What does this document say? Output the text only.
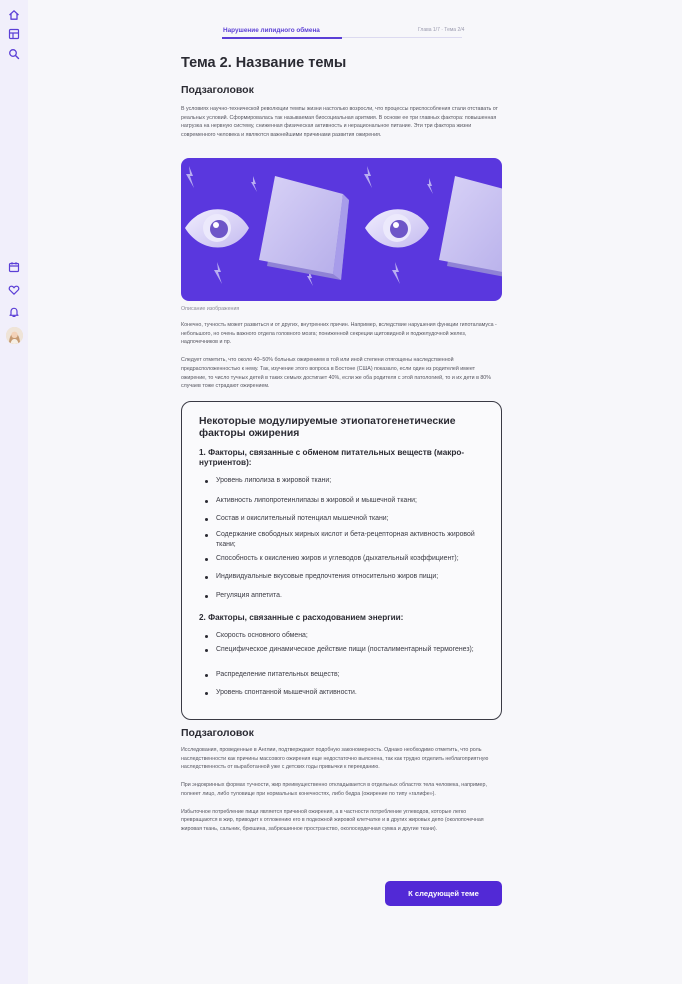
Нарушение липидного обмена	Глава 1/7 · Тема 2/4
Тема 2. Название темы
Подзаголовок

В условиях научно-технической революции темпы жизни настолько возросли, что процессы приспособления стали отставать от реальных условий. Сформировалась так называемая биосоциальная аритмия. В основе ее три главных фактора: повышенная нагрузка на нервную систему, сниженная физическая активность и нерациональное питание. Эти три фактора жизни современного человека и являются важнейшими причинами развития ожирения.

Описание изображения

Конечно, тучность может развиться и от других, внутренних причин. Например, вследствие нарушения функции гипоталамуса - небольшого, но очень важного отдела головного мозга; пониженной секреции щитовидной и поджелудочной желез, надпочечников и пр.

Следует отметить, что около 40–50% больных ожирением в той или иной степени отягощены наследственной предрасположенностью к нему. Так, изучение этого вопроса в Бостоне (США) показало, если один из родителей имеет ожирение, то число тучных детей в таких семьях достигает 40%, если же оба родителя с этой патологией, то и их дети в 80% случаев тоже страдают ожирением.

Некоторые модулируемые этиопатогенетические факторы ожирения
1. Факторы, связанные с обменом питательных веществ (макро-нутриентов):
Уровень липолиза в жировой ткани;
Активность липопротеинлипазы в жировой и мышечной ткани;
Состав и окислительный потенциал мышечной ткани;
Содержание свободных жирных кислот и бета-рецепторная активность жировой ткани;
Способность к окислению жиров и углеводов (дыхательный коэффициент);
Индивидуальные вкусовые предпочтения относительно жиров пищи;
Регуляция аппетита.
2. Факторы, связанные с расходованием энергии:
Скорость основного обмена;
Специфическое динамическое действие пищи (посталиментарный термогенез);
Распределение питательных веществ;
Уровень спонтанной мышечной активности.
Подзаголовок

Исследования, проведенные в Англии, подтверждают подобную закономерность. Однако необходимо отметить, что роль наследственности как причины массового ожирения еще недостаточно выяснена, так как трудно отделить неблагоприятную наследственность от выработанной уже с детских годы привычки к перееданию.

При эндокринных формах тучности, жир преимущественно откладывается в отдельных областях тела человека, например, полнеет лицо, либо туловище при нормальных конечностях, либо бедра (ожирение по типу «галифе»).

Избыточное потребление пищи является причиной ожирения, а в частности потребление углеводов, которые легко превращаются в жир, приводит к отложению его в подкожной жировой клетчатке и в других жировых депо (околопочечная жировая ткань, сальник, брюшина, забрюшинное пространство, околосердечная сумка и другие ткани).

К следующей теме
